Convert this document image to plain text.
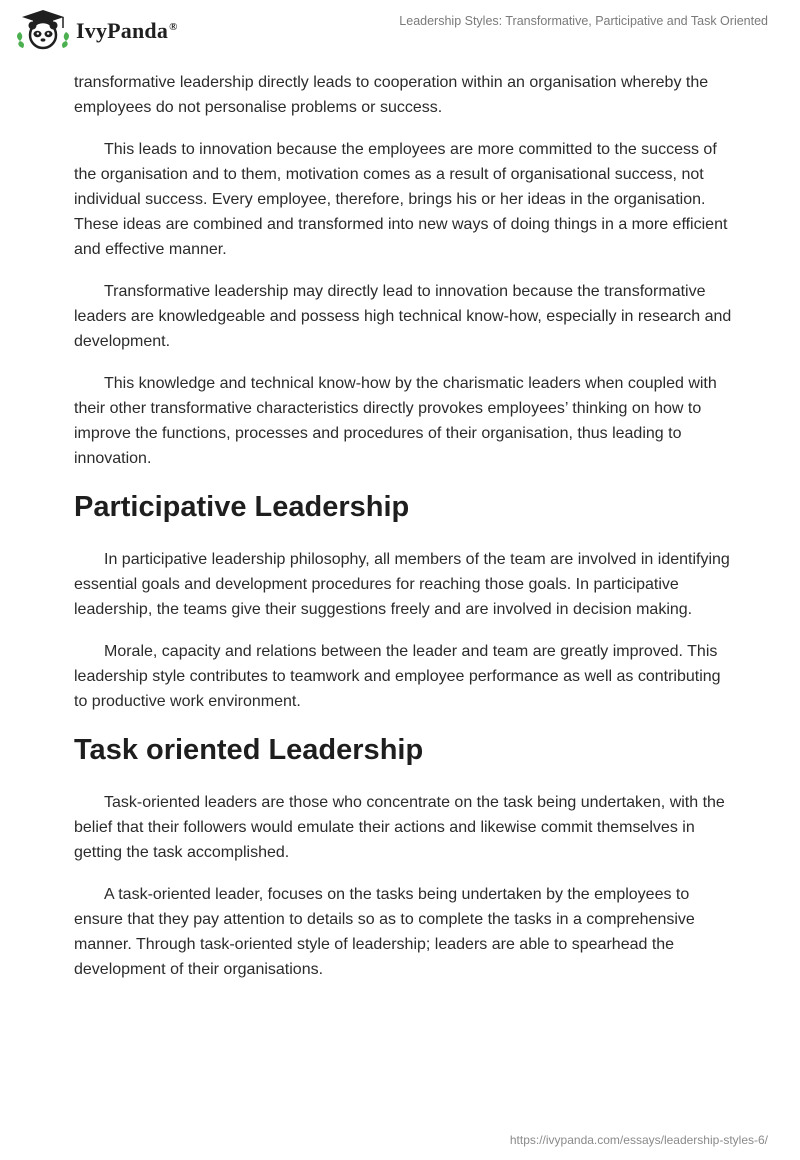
IvyPanda®	Leadership Styles: Transformative, Participative and Task Oriented

transformative leadership directly leads to cooperation within an organisation whereby the employees do not personalise problems or success.

This leads to innovation because the employees are more committed to the success of the organisation and to them, motivation comes as a result of organisational success, not individual success. Every employee, therefore, brings his or her ideas in the organisation. These ideas are combined and transformed into new ways of doing things in a more efficient and effective manner.

Transformative leadership may directly lead to innovation because the transformative leaders are knowledgeable and possess high technical know-how, especially in research and development.

This knowledge and technical know-how by the charismatic leaders when coupled with their other transformative characteristics directly provokes employees’ thinking on how to improve the functions, processes and procedures of their organisation, thus leading to innovation.

Participative Leadership

In participative leadership philosophy, all members of the team are involved in identifying essential goals and development procedures for reaching those goals. In participative leadership, the teams give their suggestions freely and are involved in decision making.

Morale, capacity and relations between the leader and team are greatly improved. This leadership style contributes to teamwork and employee performance as well as contributing to productive work environment.

Task oriented Leadership

Task-oriented leaders are those who concentrate on the task being undertaken, with the belief that their followers would emulate their actions and likewise commit themselves in getting the task accomplished.

A task-oriented leader, focuses on the tasks being undertaken by the employees to ensure that they pay attention to details so as to complete the tasks in a comprehensive manner. Through task-oriented style of leadership; leaders are able to spearhead the development of their organisations.

https://ivypanda.com/essays/leadership-styles-6/
